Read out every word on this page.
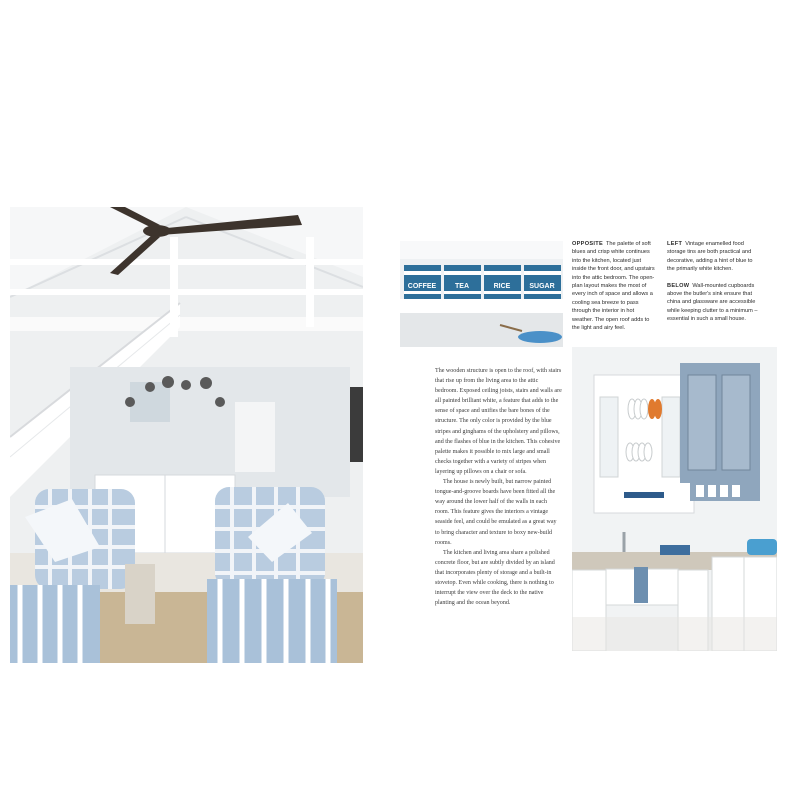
COFFEE	TEA	RICE	SUGAR

OPPOSITE The palette of soft blues and crisp white continues into the kitchen, located just inside the front door, and upstairs into the attic bedroom. The open-plan layout makes the most of every inch of space and allows a cooling sea breeze to pass through the interior in hot weather. The open roof adds to the light and airy feel.

LEFT Vintage enamelled food storage tins are both practical and decorative, adding a hint of blue to the primarily white kitchen.

BELOW Wall-mounted cupboards above the butler's sink ensure that china and glassware are accessible while keeping clutter to a minimum – essential in such a small house.

The wooden structure is open to the roof, with stairs that rise up from the living area to the attic bedroom. Exposed ceiling joists, stairs and walls are all painted brilliant white, a feature that adds to the sense of space and unifies the bare bones of the structure. The only color is provided by the blue stripes and ginghams of the upholstery and pillows, and the flashes of blue in the kitchen. This cohesive palette makes it possible to mix large and small checks together with a variety of stripes when layering up pillows on a chair or sofa.

The house is newly built, but narrow painted tongue-and-groove boards have been fitted all the way around the lower half of the walls in each room. This feature gives the interiors a vintage seaside feel, and could be emulated as a great way to bring character and texture to boxy new-build rooms.

The kitchen and living area share a polished concrete floor, but are subtly divided by an island that incorporates plenty of storage and a built-in stovetop. Even while cooking, there is nothing to interrupt the view over the deck to the native planting and the ocean beyond.
